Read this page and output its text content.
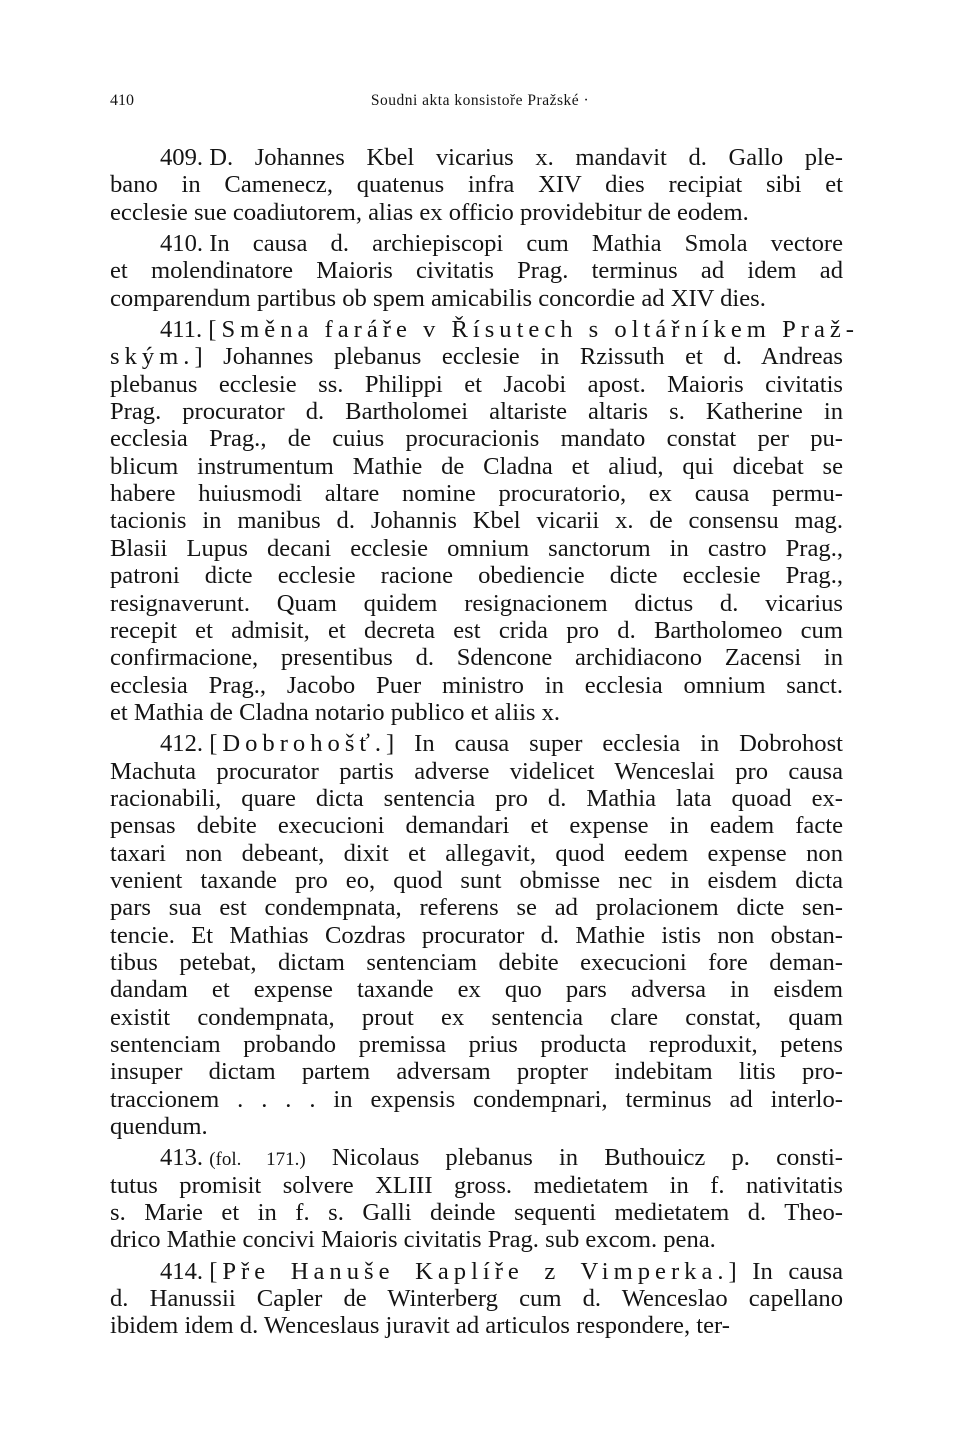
410	Soudni akta konsistoře Pražské ·
409. D. Johannes Kbel vicarius x. mandavit d. Gallo ple-
bano in Camenecz, quatenus infra XIV dies recipiat sibi et
ecclesie sue coadiutorem, alias ex officio providebitur de eodem.
410. In causa d. archiepiscopi cum Mathia Smola vectore
et molendinatore Maioris civitatis Prag. terminus ad idem ad
comparendum partibus ob spem amicabilis concordie ad XIV dies.
411. [Směna faráře v Řísutech s oltářníkem Praž-
ským.] Johannes plebanus ecclesie in Rzissuth et d. Andreas
plebanus ecclesie ss. Philippi et Jacobi apost. Maioris civitatis
Prag. procurator d. Bartholomei altariste altaris s. Katherine in
ecclesia Prag., de cuius procuracionis mandato constat per pu-
blicum instrumentum Mathie de Cladna et aliud, qui dicebat se
habere huiusmodi altare nomine procuratorio, ex causa permu-
tacionis in manibus d. Johannis Kbel vicarii x. de consensu mag.
Blasii Lupus decani ecclesie omnium sanctorum in castro Prag.,
patroni dicte ecclesie racione obediencie dicte ecclesie Prag.,
resignaverunt. Quam quidem resignacionem dictus d. vicarius
recepit et admisit, et decreta est crida pro d. Bartholomeo cum
confirmacione, presentibus d. Sdencone archidiacono Zacensi in
ecclesia Prag., Jacobo Puer ministro in ecclesia omnium sanct.
et Mathia de Cladna notario publico et aliis x.
412. [Dobrohošť.] In causa super ecclesia in Dobrohost
Machuta procurator partis adverse videlicet Wenceslai pro causa
racionabili, quare dicta sentencia pro d. Mathia lata quoad ex-
pensas debite execucioni demandari et expense in eadem facte
taxari non debeant, dixit et allegavit, quod eedem expense non
venient taxande pro eo, quod sunt obmisse nec in eisdem dicta
pars sua est condempnata, referens se ad prolacionem dicte sen-
tencie. Et Mathias Cozdras procurator d. Mathie istis non obstan-
tibus petebat, dictam sentenciam debite execucioni fore deman-
dandam et expense taxande ex quo pars adversa in eisdem
existit condempnata, prout ex sentencia clare constat, quam
sentenciam probando premissa prius producta reproduxit, petens
insuper dictam partem adversam propter indebitam litis pro-
traccionem . . . . in expensis condempnari, terminus ad interlo-
quendum.
413. (fol. 171.) Nicolaus plebanus in Buthouicz p. consti-
tutus promisit solvere XLIII gross. medietatem in f. nativitatis
s. Marie et in f. s. Galli deinde sequenti medietatem d. Theo-
drico Mathie concivi Maioris civitatis Prag. sub excom. pena.
414. [Pře Hanuše Kaplíře z Vimperka.] In causa
d. Hanussii Capler de Winterberg cum d. Wenceslao capellano
ibidem idem d. Wenceslaus juravit ad articulos respondere, ter-
